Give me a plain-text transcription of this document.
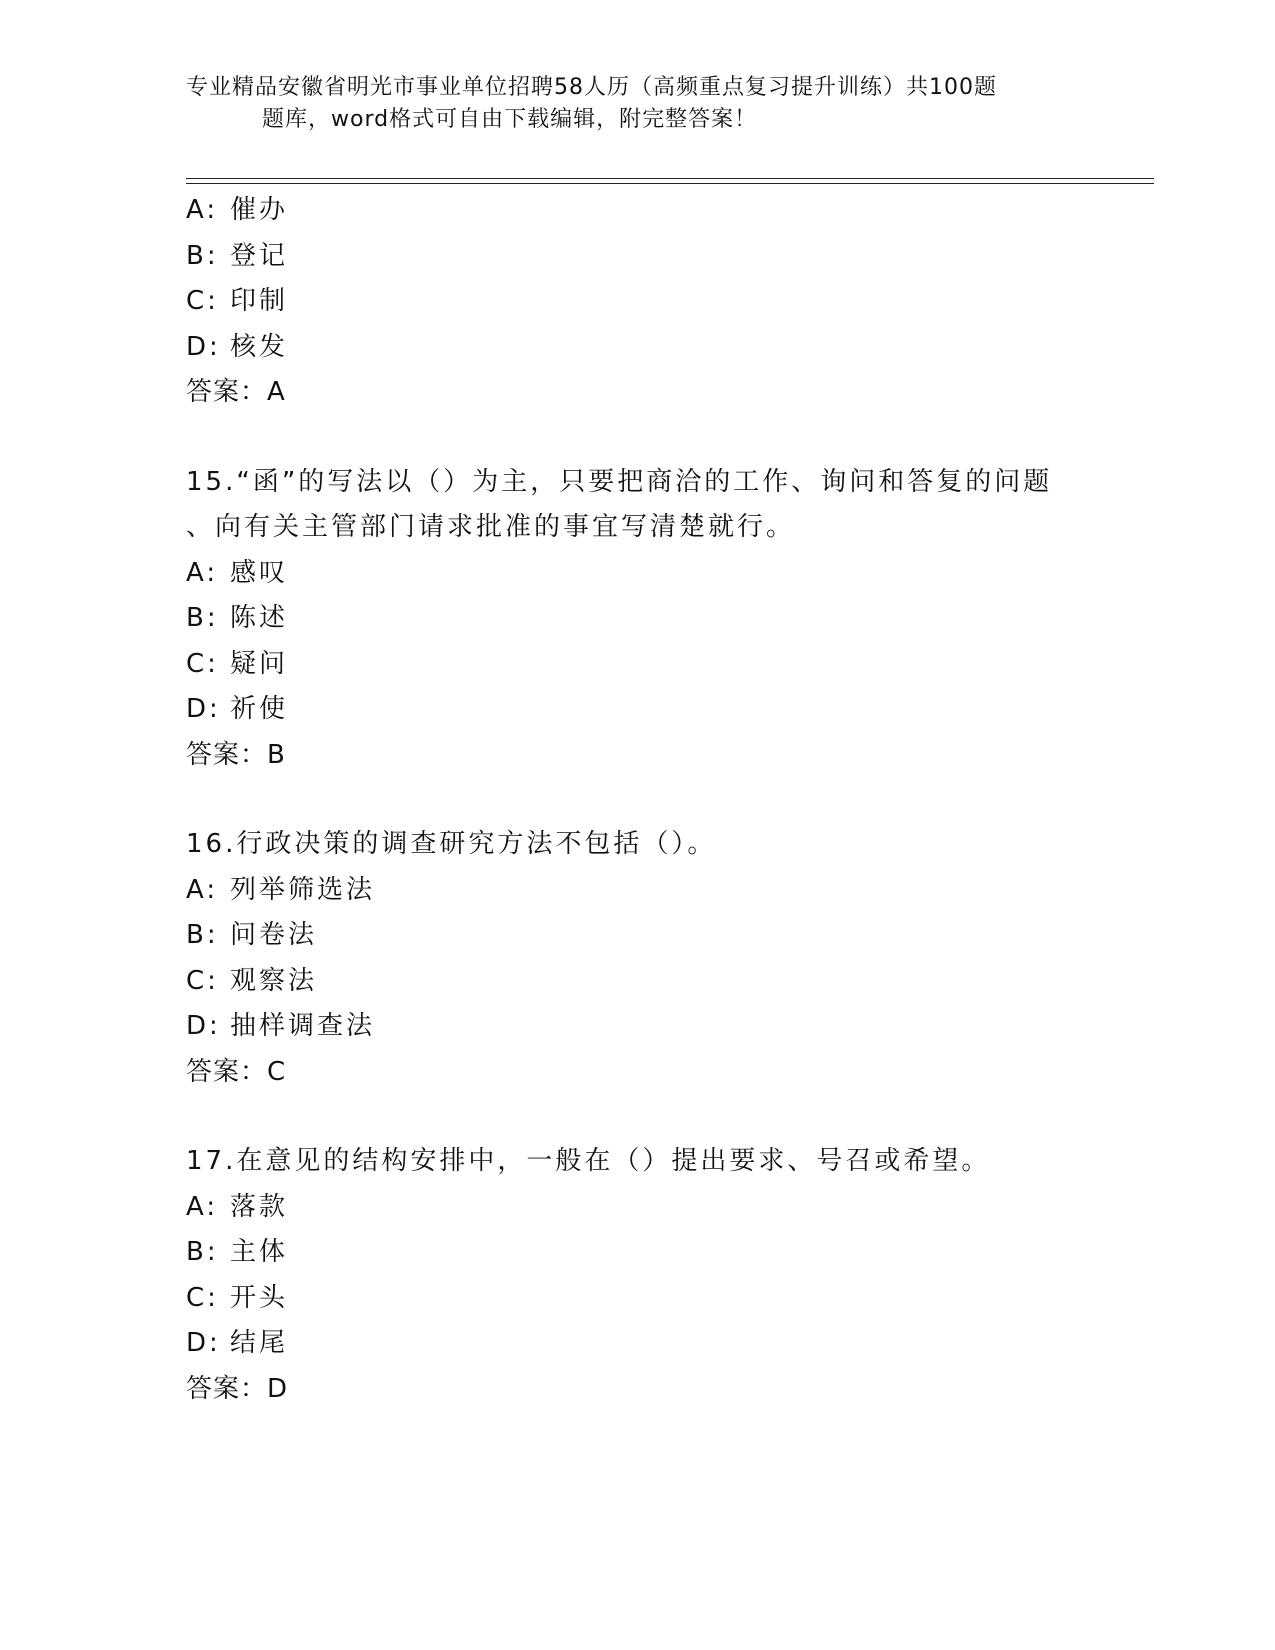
专业精品安徽省明光市事业单位招聘58人历（高频重点复习提升训练）共100题
题库，word格式可自由下载编辑，附完整答案！
A: 催办
B: 登记
C: 印制
D: 核发
答案：A
15.“函”的写法以（）为主，只要把商洽的工作、询问和答复的问题
、向有关主管部门请求批准的事宜写清楚就行。
A: 感叹
B: 陈述
C: 疑问
D: 祈使
答案：B
16.行政决策的调查研究方法不包括（）。
A: 列举筛选法
B: 问卷法
C: 观察法
D: 抽样调查法
答案：C
17.在意见的结构安排中，一般在（）提出要求、号召或希望。
A: 落款
B: 主体
C: 开头
D: 结尾
答案：D
